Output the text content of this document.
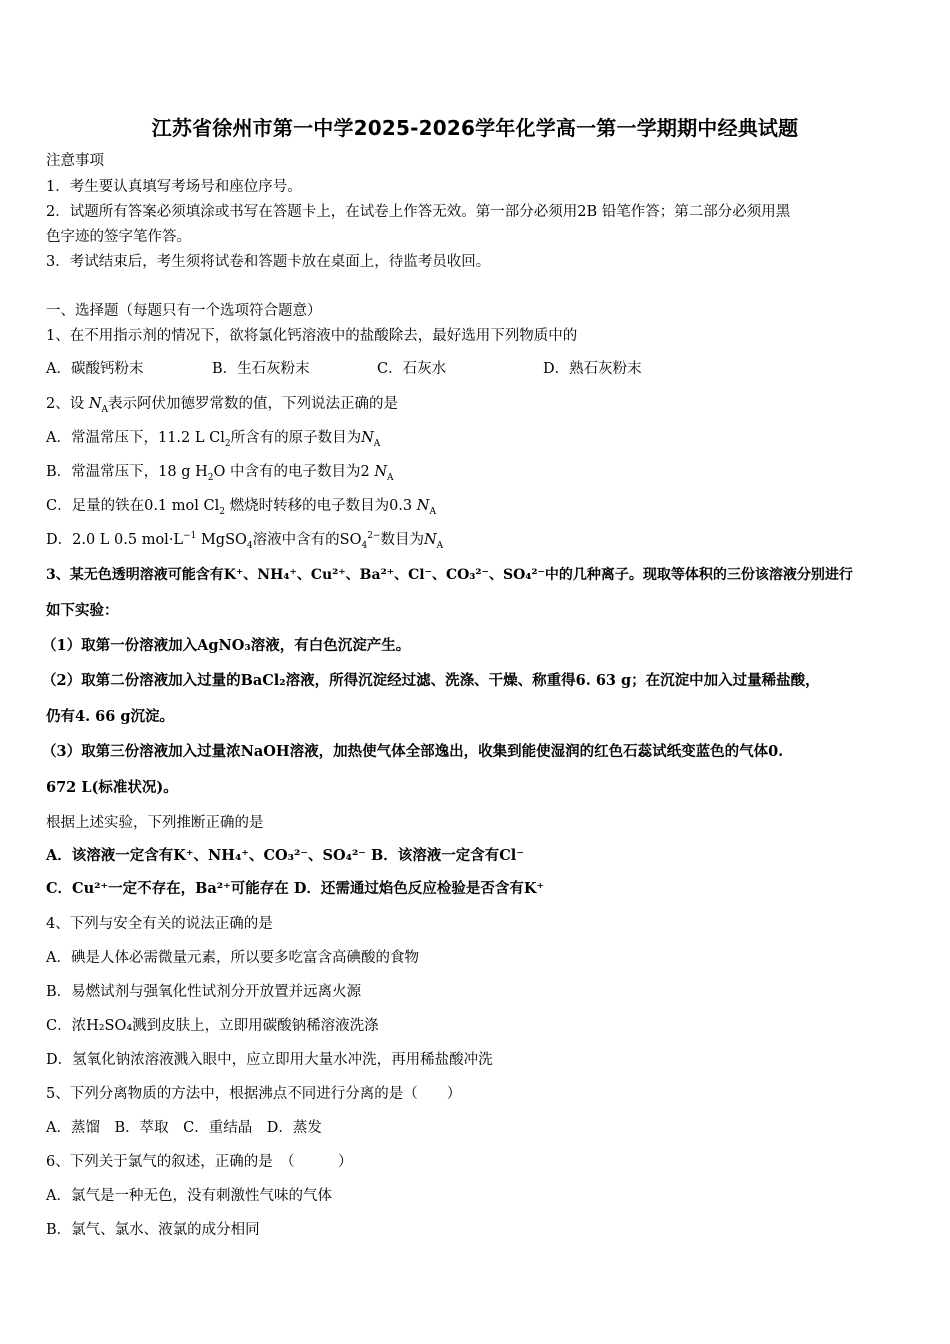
江苏省徐州市第一中学2025-2026学年化学高一第一学期期中经典试题
注意事项
1．考生要认真填写考场号和座位序号。
2．试题所有答案必须填涂或书写在答题卡上，在试卷上作答无效。第一部分必须用2B 铅笔作答；第二部分必须用黑
色字迹的签字笔作答。
3．考试结束后，考生须将试卷和答题卡放在桌面上，待监考员收回。
一、选择题（每题只有一个选项符合题意）
1、在不用指示剂的情况下，欲将氯化钙溶液中的盐酸除去，最好选用下列物质中的
A．碳酸钙粉末	B．生石灰粉末	C．石灰水	D．熟石灰粉末
2、设 $N_A$表示阿伏加德罗常数的值，下列说法正确的是
A．常温常压下，11.2 L $Cl_2$所含有的原子数目为$N_A$
B．常温常压下，18 g $H_2O$ 中含有的电子数目为2 $N_A$
C．足量的铁在0.1 mol $Cl_2$ 燃烧时转移的电子数目为0.3 $N_A$
D．2.0 L 0.5 $mol\cdot L^{-1}$ MgSO$_4$溶液中含有的$SO_4^{2-}$数目为$N_A$
3、某无色透明溶液可能含有K⁺、NH₄⁺、Cu²⁺、Ba²⁺、Cl⁻、CO₃²⁻、SO₄²⁻中的几种离子。现取等体积的三份该溶液分别进行
如下实验：
（1）取第一份溶液加入AgNO₃溶液，有白色沉淀产生。
（2）取第二份溶液加入过量的BaCl₂溶液，所得沉淀经过滤、洗涤、干燥、称重得6. 63 g；在沉淀中加入过量稀盐酸，
仍有4. 66 g沉淀。
（3）取第三份溶液加入过量浓NaOH溶液，加热使气体全部逸出，收集到能使湿润的红色石蕊试纸变蓝色的气体0.
672 L(标准状况)。
根据上述实验，下列推断正确的是
A．该溶液一定含有K⁺、NH₄⁺、CO₃²⁻、SO₄²⁻ B．该溶液一定含有Cl⁻
C．Cu²⁺一定不存在，Ba²⁺可能存在 D．还需通过焰色反应检验是否含有K⁺
4、下列与安全有关的说法正确的是
A．碘是人体必需微量元素，所以要多吃富含高碘酸的食物
B．易燃试剂与强氧化性试剂分开放置并远离火源
C．浓H₂SO₄溅到皮肤上，立即用碳酸钠稀溶液洗涤
D．氢氧化钠浓溶液溅入眼中，应立即用大量水冲洗，再用稀盐酸冲洗
5、下列分离物质的方法中，根据沸点不同进行分离的是（　　）
A．蒸馏　B．萃取　C．重结晶　D．蒸发
6、下列关于氯气的叙述，正确的是　（　　　）
A．氯气是一种无色，没有刺激性气味的气体
B．氯气、氯水、液氯的成分相同
